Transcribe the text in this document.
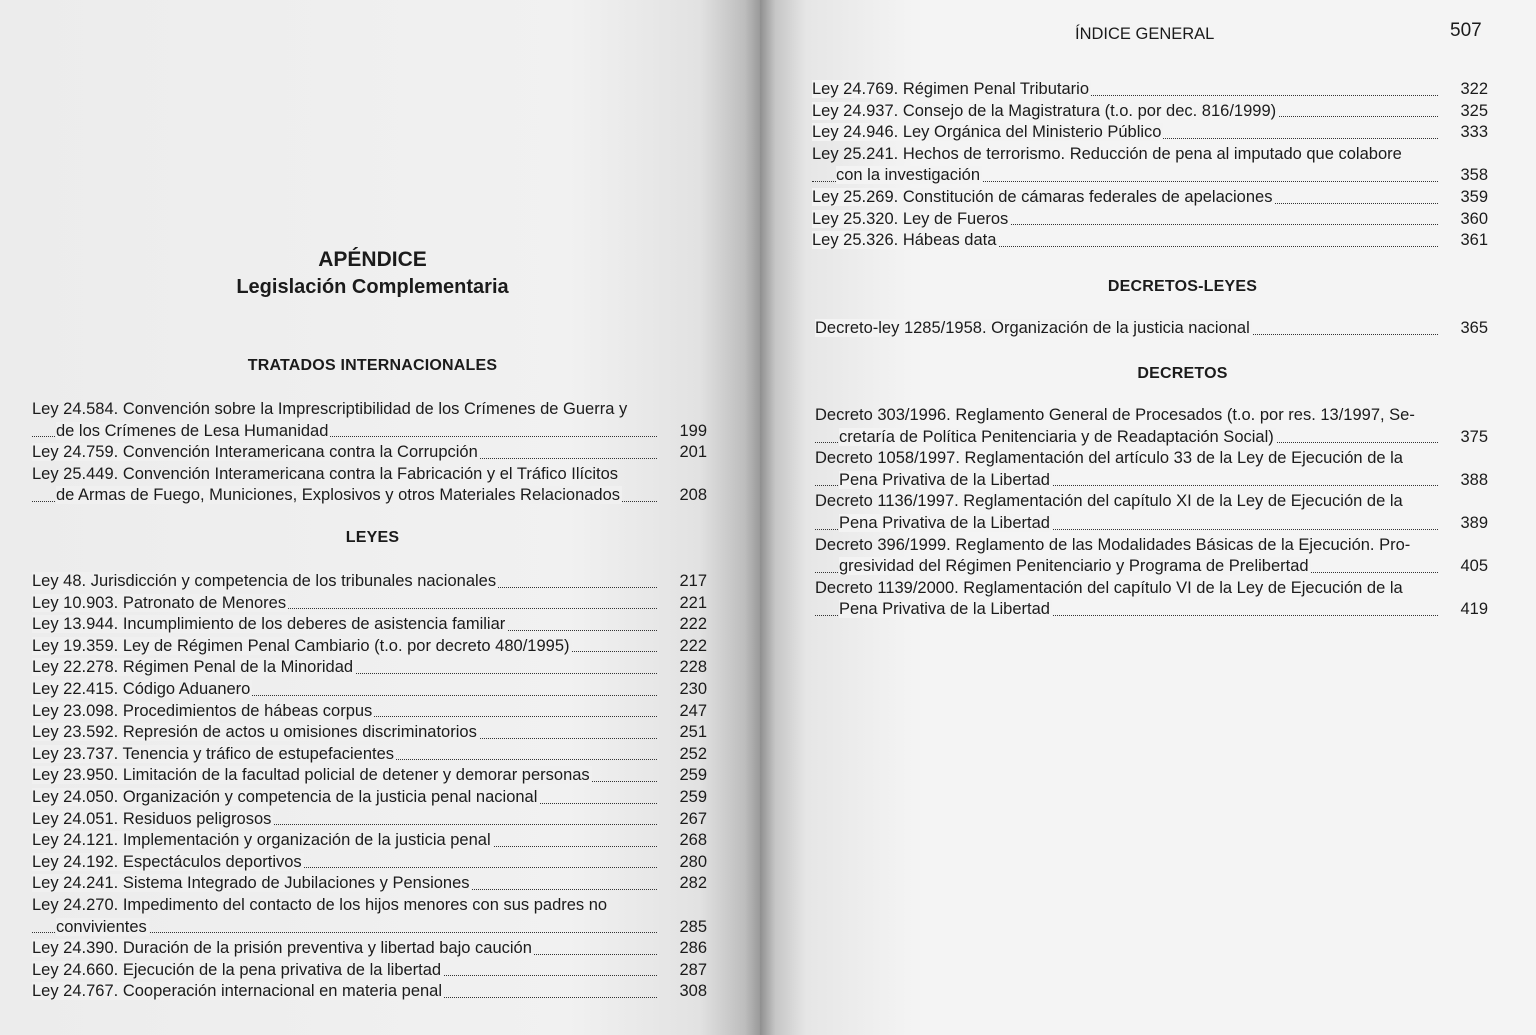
APÉNDICE
Legislación Complementaria
TRATADOS INTERNACIONALES
Ley 24.584. Convención sobre la Imprescriptibilidad de los Crímenes de Guerra y
de los Crímenes de Lesa Humanidad	199
Ley 24.759. Convención Interamericana contra la Corrupción	201
Ley 25.449. Convención Interamericana contra la Fabricación y el Tráfico Ilícitos
de Armas de Fuego, Municiones, Explosivos y otros Materiales Relacionados	208
LEYES
Ley 48. Jurisdicción y competencia de los tribunales nacionales	217
Ley 10.903. Patronato de Menores	221
Ley 13.944. Incumplimiento de los deberes de asistencia familiar	222
Ley 19.359. Ley de Régimen Penal Cambiario (t.o. por decreto 480/1995)	222
Ley 22.278. Régimen Penal de la Minoridad	228
Ley 22.415. Código Aduanero	230
Ley 23.098. Procedimientos de hábeas corpus	247
Ley 23.592. Represión de actos u omisiones discriminatorios	251
Ley 23.737. Tenencia y tráfico de estupefacientes	252
Ley 23.950. Limitación de la facultad policial de detener y demorar personas	259
Ley 24.050. Organización y competencia de la justicia penal nacional	259
Ley 24.051. Residuos peligrosos	267
Ley 24.121. Implementación y organización de la justicia penal	268
Ley 24.192. Espectáculos deportivos	280
Ley 24.241. Sistema Integrado de Jubilaciones y Pensiones	282
Ley 24.270. Impedimento del contacto de los hijos menores con sus padres no
convivientes	285
Ley 24.390. Duración de la prisión preventiva y libertad bajo caución	286
Ley 24.660. Ejecución de la pena privativa de la libertad	287
Ley 24.767. Cooperación internacional en materia penal	308
ÍNDICE GENERAL	507
Ley 24.769. Régimen Penal Tributario	322
Ley 24.937. Consejo de la Magistratura (t.o. por dec. 816/1999)	325
Ley 24.946. Ley Orgánica del Ministerio Público	333
Ley 25.241. Hechos de terrorismo. Reducción de pena al imputado que colabore
con la investigación	358
Ley 25.269. Constitución de cámaras federales de apelaciones	359
Ley 25.320. Ley de Fueros	360
Ley 25.326. Hábeas data	361
DECRETOS-LEYES
Decreto-ley 1285/1958. Organización de la justicia nacional	365
DECRETOS
Decreto 303/1996. Reglamento General de Procesados (t.o. por res. 13/1997, Se-
cretaría de Política Penitenciaria y de Readaptación Social)	375
Decreto 1058/1997. Reglamentación del artículo 33 de la Ley de Ejecución de la
Pena Privativa de la Libertad	388
Decreto 1136/1997. Reglamentación del capítulo XI de la Ley de Ejecución de la
Pena Privativa de la Libertad	389
Decreto 396/1999. Reglamento de las Modalidades Básicas de la Ejecución. Pro-
gresividad del Régimen Penitenciario y Programa de Prelibertad	405
Decreto 1139/2000. Reglamentación del capítulo VI de la Ley de Ejecución de la
Pena Privativa de la Libertad	419
